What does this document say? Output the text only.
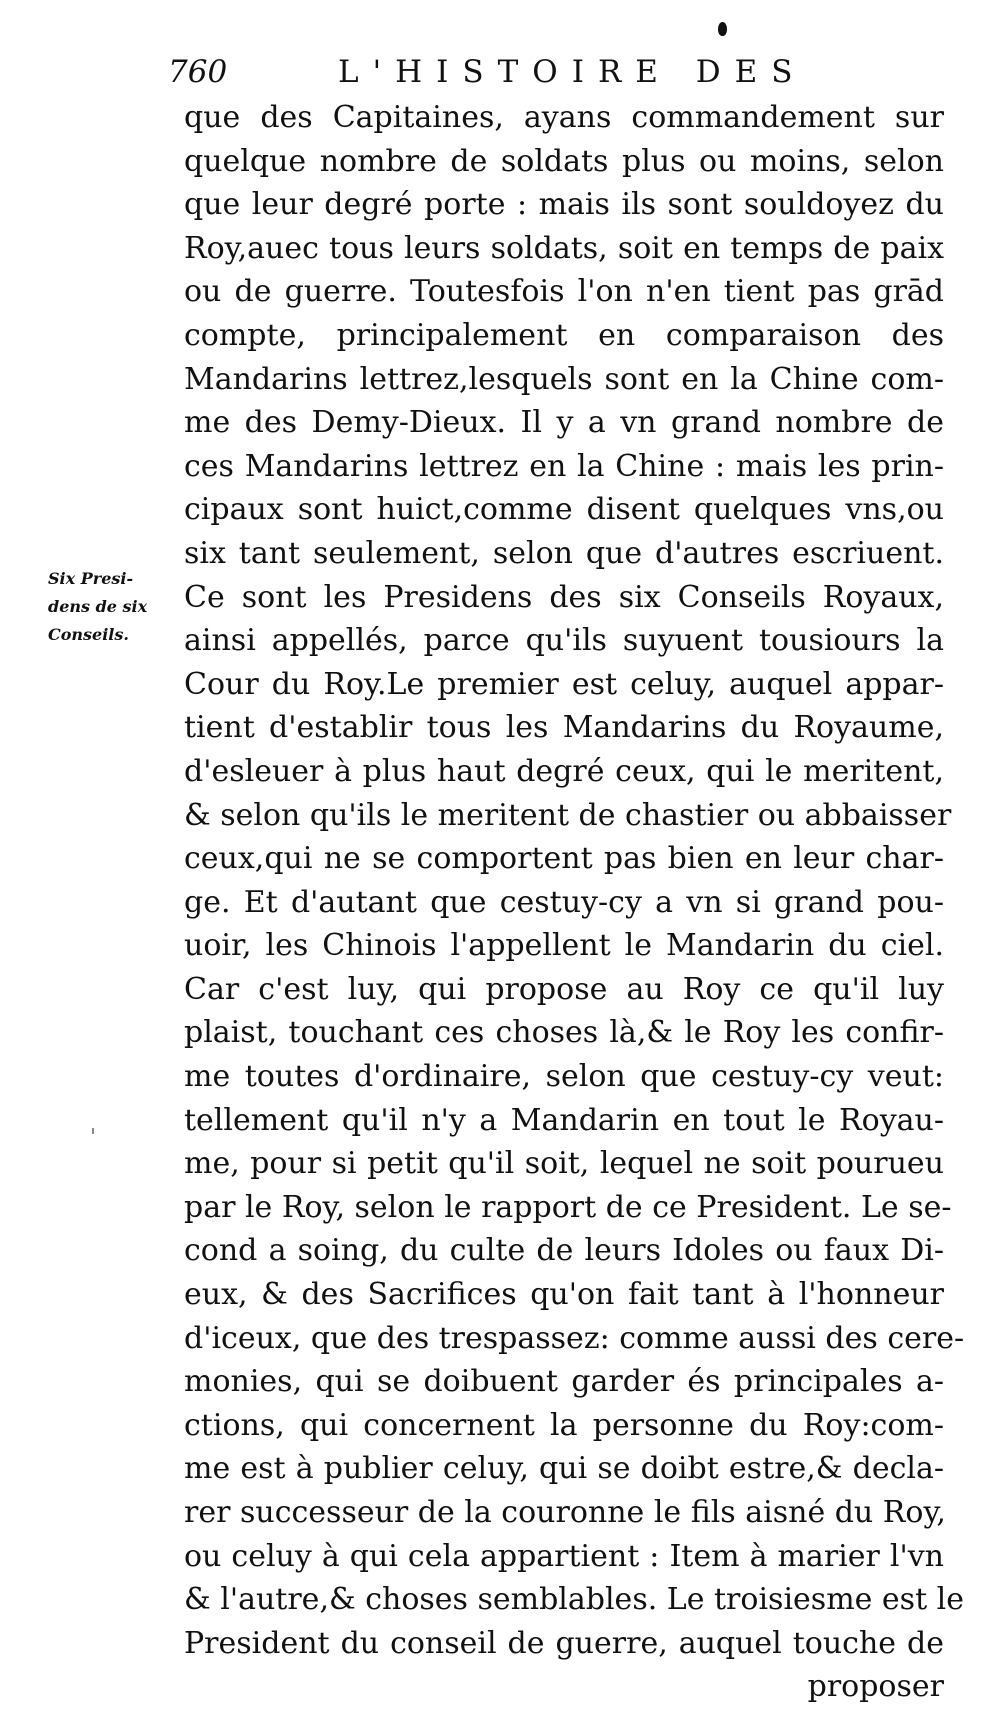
760	L'HISTOIRE DES
Six Presi-
dens de six
Conseils.
que des Capitaines, ayans commandement sur
quelque nombre de soldats plus ou moins, selon
que leur degré porte : mais ils sont souldoyez du
Roy,auec tous leurs soldats, soit en temps de paix
ou de guerre. Toutesfois l'on n'en tient pas grād
compte, principalement en comparaison des
Mandarins lettrez,lesquels sont en la Chine com-
me des Demy-Dieux. Il y a vn grand nombre de
ces Mandarins lettrez en la Chine : mais les prin-
cipaux sont huict,comme disent quelques vns,ou
six tant seulement, selon que d'autres escriuent.
Ce sont les Presidens des six Conseils Royaux,
ainsi appellés, parce qu'ils suyuent tousiours la
Cour du Roy.Le premier est celuy, auquel appar-
tient d'establir tous les Mandarins du Royaume,
d'esleuer à plus haut degré ceux, qui le meritent,
& selon qu'ils le meritent de chastier ou abbaisser
ceux,qui ne se comportent pas bien en leur char-
ge. Et d'autant que cestuy-cy a vn si grand pou-
uoir, les Chinois l'appellent le Mandarin du ciel.
Car c'est luy, qui propose au Roy ce qu'il luy
plaist, touchant ces choses là,& le Roy les confir-
me toutes d'ordinaire, selon que cestuy-cy veut:
tellement qu'il n'y a Mandarin en tout le Royau-
me, pour si petit qu'il soit, lequel ne soit pourueu
par le Roy, selon le rapport de ce President. Le se-
cond a soing, du culte de leurs Idoles ou faux Di-
eux, & des Sacrifices qu'on fait tant à l'honneur
d'iceux, que des trespassez: comme aussi des cere-
monies, qui se doibuent garder és principales a-
ctions, qui concernent la personne du Roy:com-
me est à publier celuy, qui se doibt estre,& decla-
rer successeur de la couronne le fils aisné du Roy,
ou celuy à qui cela appartient : Item à marier l'vn
& l'autre,& choses semblables. Le troisiesme est le
President du conseil de guerre, auquel touche de
proposer
